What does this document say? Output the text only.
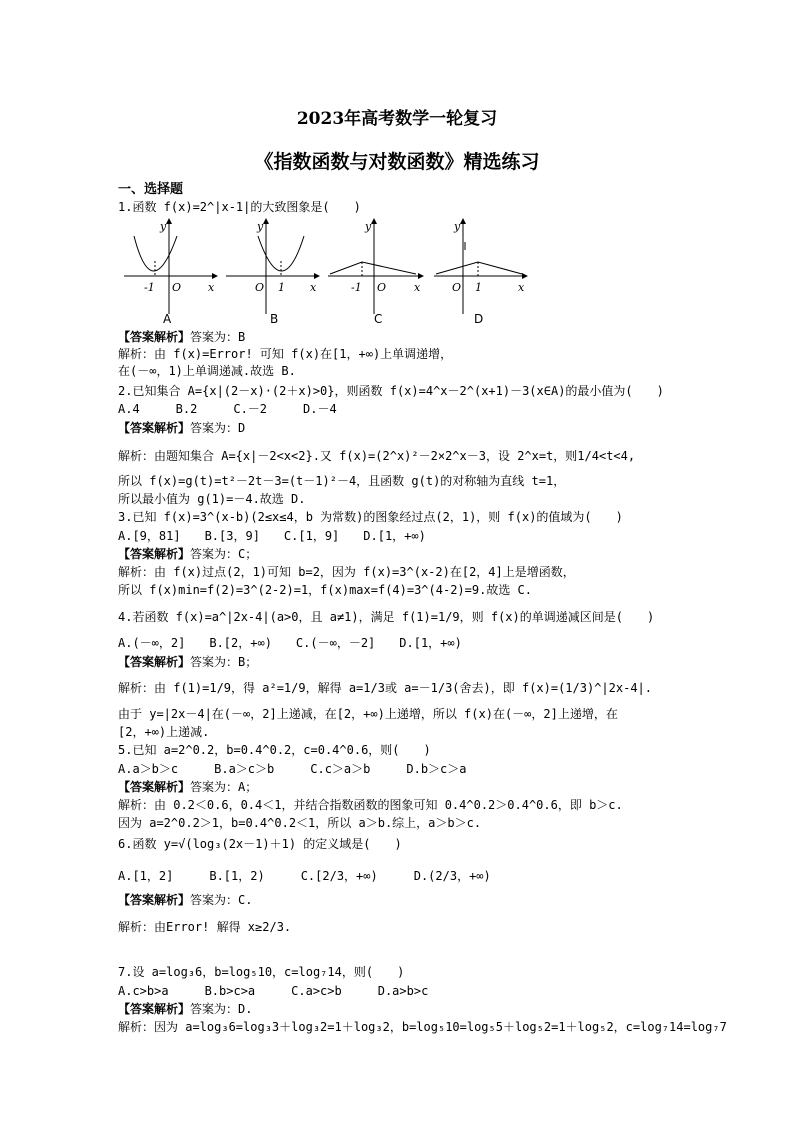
2023年高考数学一轮复习
《指数函数与对数函数》精选练习
一、选择题
1.函数 f(x)=2^|x-1|的大致图象是(　　)
y
x
O
-1
A
y
x
O 1
B
y
x
O
-1
C
y
x
O 1
D
【答案解析】答案为：B
解析：由 f(x)=Error! 可知 f(x)在[1，+∞)上单调递增，
在(－∞，1)上单调递减.故选 B.
2.已知集合 A={x|(2－x)·(2＋x)>0}，则函数 f(x)=4^x－2^(x+1)－3(x∈A)的最小值为(　　)
A.4　　　B.2　　　C.－2　　　D.－4
【答案解析】答案为：D
解析：由题知集合 A={x|－2<x<2}.又 f(x)=(2^x)²－2×2^x－3，设 2^x=t，则1/4<t<4,
所以 f(x)=g(t)=t²－2t－3=(t－1)²－4，且函数 g(t)的对称轴为直线 t=1，
所以最小值为 g(1)=－4.故选 D.
3.已知 f(x)=3^(x-b)(2≤x≤4，b 为常数)的图象经过点(2，1)，则 f(x)的值域为(　　)
A.[9，81]　　B.[3，9]　　C.[1，9]　　D.[1，+∞)
【答案解析】答案为：C；
解析：由 f(x)过点(2，1)可知 b=2，因为 f(x)=3^(x-2)在[2，4]上是增函数，
所以 f(x)min=f(2)=3^(2-2)=1，f(x)max=f(4)=3^(4-2)=9.故选 C.
4.若函数 f(x)=a^|2x-4|(a>0，且 a≠1)，满足 f(1)=1/9，则 f(x)的单调递减区间是(　　)
A.(－∞，2]　　B.[2，+∞)　　C.(－∞，－2]　　D.[1，+∞)
【答案解析】答案为：B；
解析：由 f(1)=1/9，得 a²=1/9，解得 a=1/3或 a=－1/3(舍去)，即 f(x)=(1/3)^|2x-4|.
由于 y=|2x－4|在(－∞，2]上递减，在[2，+∞)上递增，所以 f(x)在(－∞，2]上递增，在
[2，+∞)上递减.
5.已知 a=2^0.2，b=0.4^0.2，c=0.4^0.6，则(　　)
A.a＞b＞c　　　B.a＞c＞b　　　C.c＞a＞b　　　D.b＞c＞a
【答案解析】答案为：A；
解析：由 0.2＜0.6，0.4＜1，并结合指数函数的图象可知 0.4^0.2＞0.4^0.6，即 b＞c.
因为 a=2^0.2＞1，b=0.4^0.2＜1，所以 a＞b.综上，a＞b＞c.
6.函数 y=√(log₃(2x－1)＋1) 的定义域是(　　)
A.[1，2]　　　B.[1，2)　　　C.[2/3，+∞)　　　D.(2/3，+∞)
【答案解析】答案为：C.
解析：由Error! 解得 x≥2/3.
7.设 a=log₃6，b=log₅10，c=log₇14，则(　　)
A.c>b>a　　　B.b>c>a　　　C.a>c>b　　　D.a>b>c
【答案解析】答案为：D.
解析：因为 a=log₃6=log₃3＋log₃2=1＋log₃2，b=log₅10=log₅5＋log₅2=1＋log₅2，c=log₇14=log₇7
